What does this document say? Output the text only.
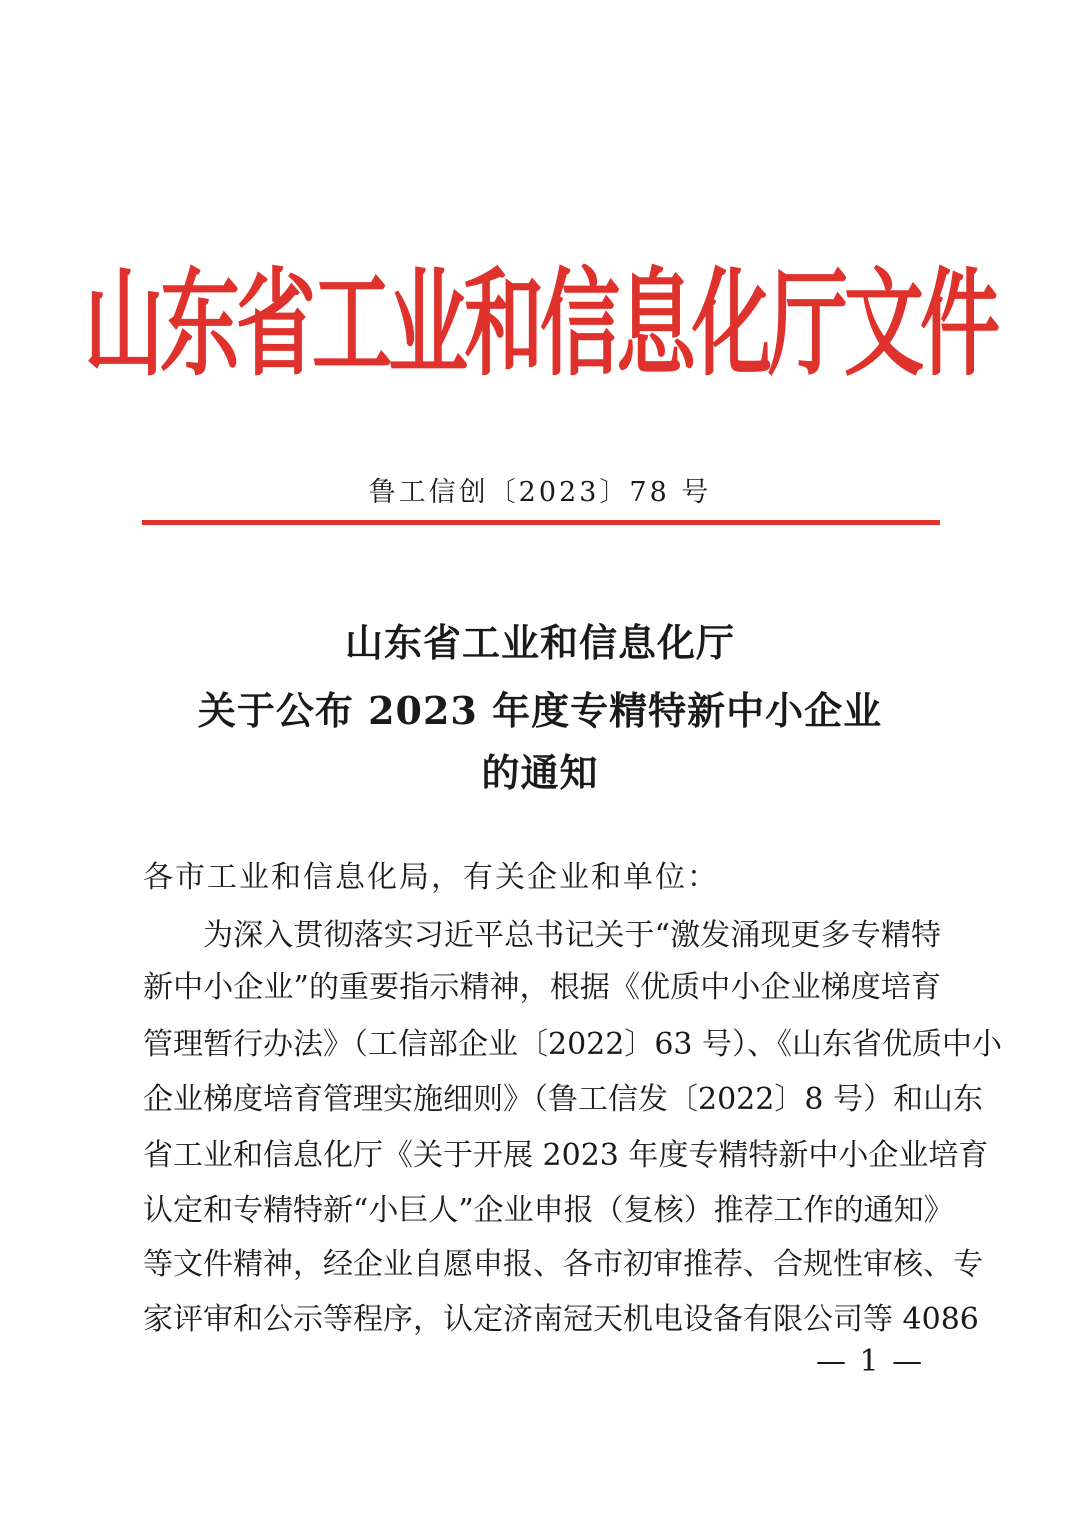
山东省工业和信息化厅文件
鲁工信创〔2023〕78 号
山东省工业和信息化厅
关于公布 2023 年度专精特新中小企业
的通知
各市工业和信息化局，有关企业和单位：
为深入贯彻落实习近平总书记关于“激发涌现更多专精特
新中小企业”的重要指示精神，根据《优质中小企业梯度培育
管理暂行办法》（工信部企业〔2022〕63 号）、《山东省优质中小
企业梯度培育管理实施细则》（鲁工信发〔2022〕8 号）和山东
省工业和信息化厅《关于开展 2023 年度专精特新中小企业培育
认定和专精特新“小巨人”企业申报（复核）推荐工作的通知》
等文件精神，经企业自愿申报、各市初审推荐、合规性审核、专
家评审和公示等程序，认定济南冠天机电设备有限公司等 4086
— 1 —
